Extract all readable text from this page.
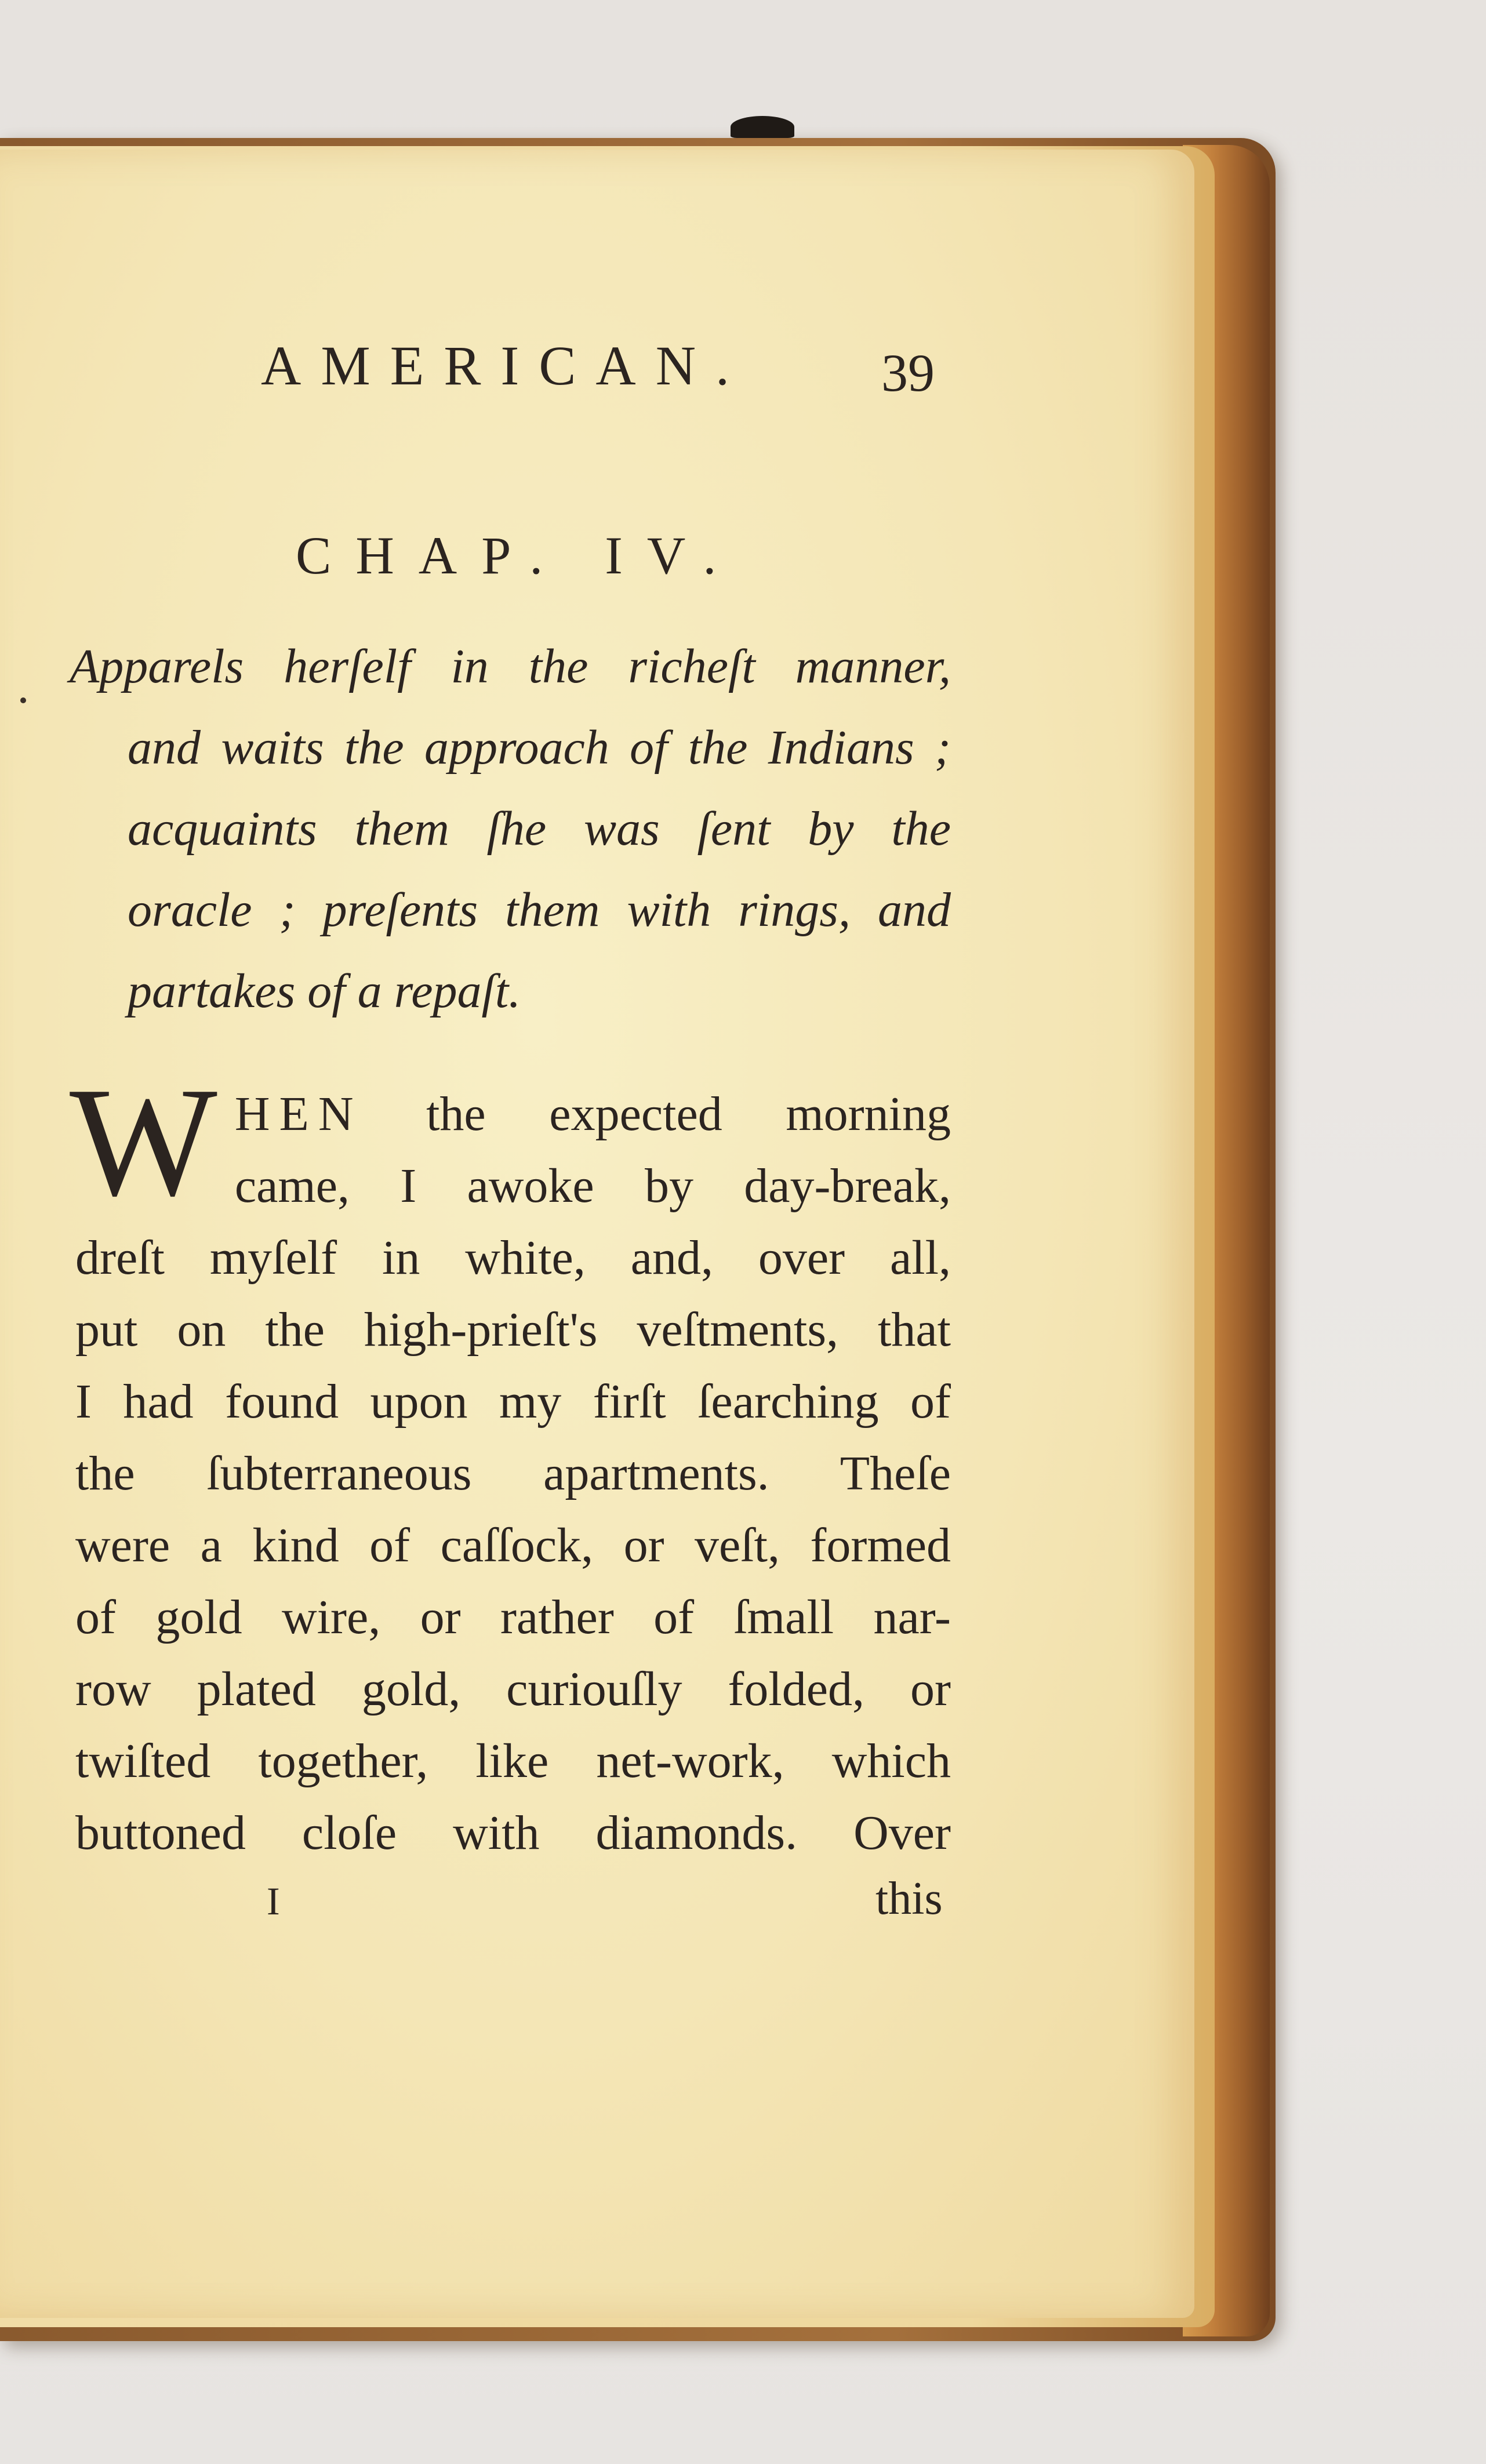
AMERICAN. 39
CHAP. IV.
Apparels herſelf in the richeſt manner,
and waits the approach of the Indians ;
acquaints them ſhe was ſent by the
oracle ; preſents them with rings, and
partakes of a repaſt.
W HEN the expected morning
came, I awoke by day-break,
dreſt myſelf in white, and, over all,
put on the high-prieſt's veſtments, that
I had found upon my firſt ſearching of
the ſubterraneous apartments. Theſe
were a kind of caſſock, or veſt, formed
of gold wire, or rather of ſmall nar-
row plated gold, curiouſly folded, or
twiſted together, like net-work, which
buttoned cloſe with diamonds. Over
I	this
